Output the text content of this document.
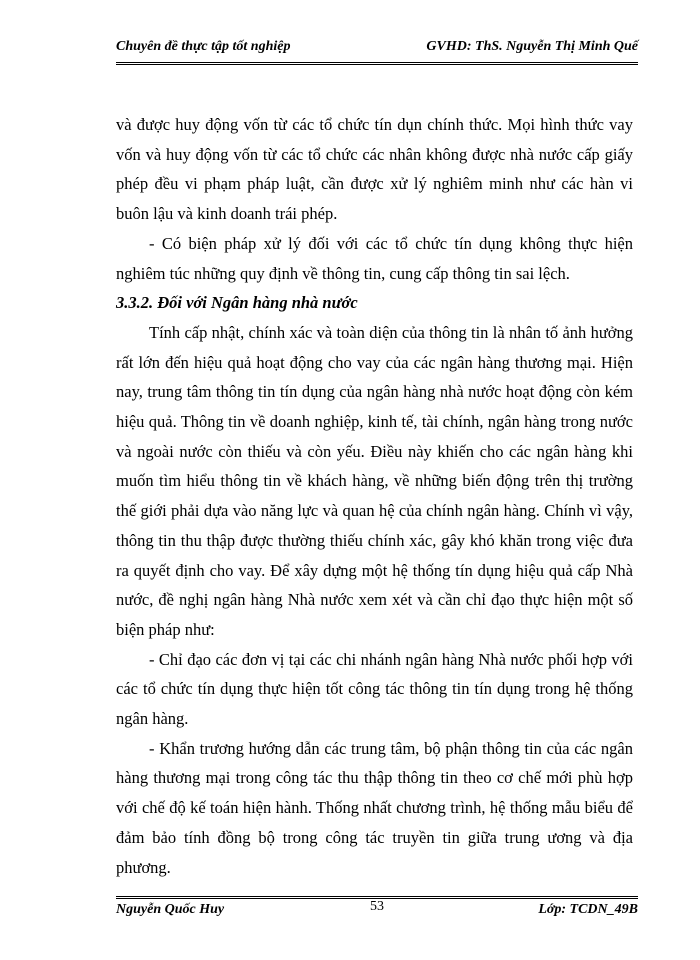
Chuyên đề thực tập tốt nghiệp	GVHD: ThS. Nguyễn Thị Minh Quế

và được huy động vốn từ các tổ chức tín dụn chính thức. Mọi hình thức vay vốn và huy động vốn từ các tổ chức các nhân không được nhà nước cấp giấy phép đều vi phạm pháp luật, cần được xử lý nghiêm minh như các hàn vi buôn lậu và kinh doanh trái phép.

- Có biện pháp xử lý đối với các tổ chức tín dụng không thực hiện nghiêm túc những quy định về thông tin, cung cấp thông tin sai lệch.

3.3.2. Đối với Ngân hàng nhà nước

Tính cấp nhật, chính xác và toàn diện của thông tin là nhân tố ảnh hưởng rất lớn đến hiệu quả hoạt động cho vay của các ngân hàng thương mại. Hiện nay, trung tâm thông tin tín dụng của ngân hàng nhà nước hoạt động còn kém hiệu quả. Thông tin về doanh nghiệp, kinh tế, tài chính, ngân hàng trong nước và ngoài nước còn thiếu và còn yếu. Điều này khiến cho các ngân hàng khi muốn tìm hiểu thông tin về khách hàng, về những biến động trên thị trường thế giới phải dựa vào năng lực và quan hệ của chính ngân hàng. Chính vì vậy, thông tin thu thập được thường thiếu chính xác, gây khó khăn trong việc đưa ra quyết định cho vay. Để xây dựng một hệ thống tín dụng hiệu quả cấp Nhà nước, đề nghị ngân hàng Nhà nước xem xét và cần chỉ đạo thực hiện một số biện pháp như:

- Chỉ đạo các đơn vị tại các chi nhánh ngân hàng Nhà nước phối hợp với các tổ chức tín dụng thực hiện tốt công tác thông tin tín dụng trong hệ thống ngân hàng.

- Khẩn trương hướng dẫn các trung tâm, bộ phận thông tin của các ngân hàng thương mại trong công tác thu thập thông tin theo cơ chế mới phù hợp với chế độ kế toán hiện hành. Thống nhất chương trình, hệ thống mẫu biểu để đảm bảo tính đồng bộ trong công tác truyền tin giữa trung ương và địa phương.

Nguyễn Quốc Huy	53	Lớp: TCDN_49B
